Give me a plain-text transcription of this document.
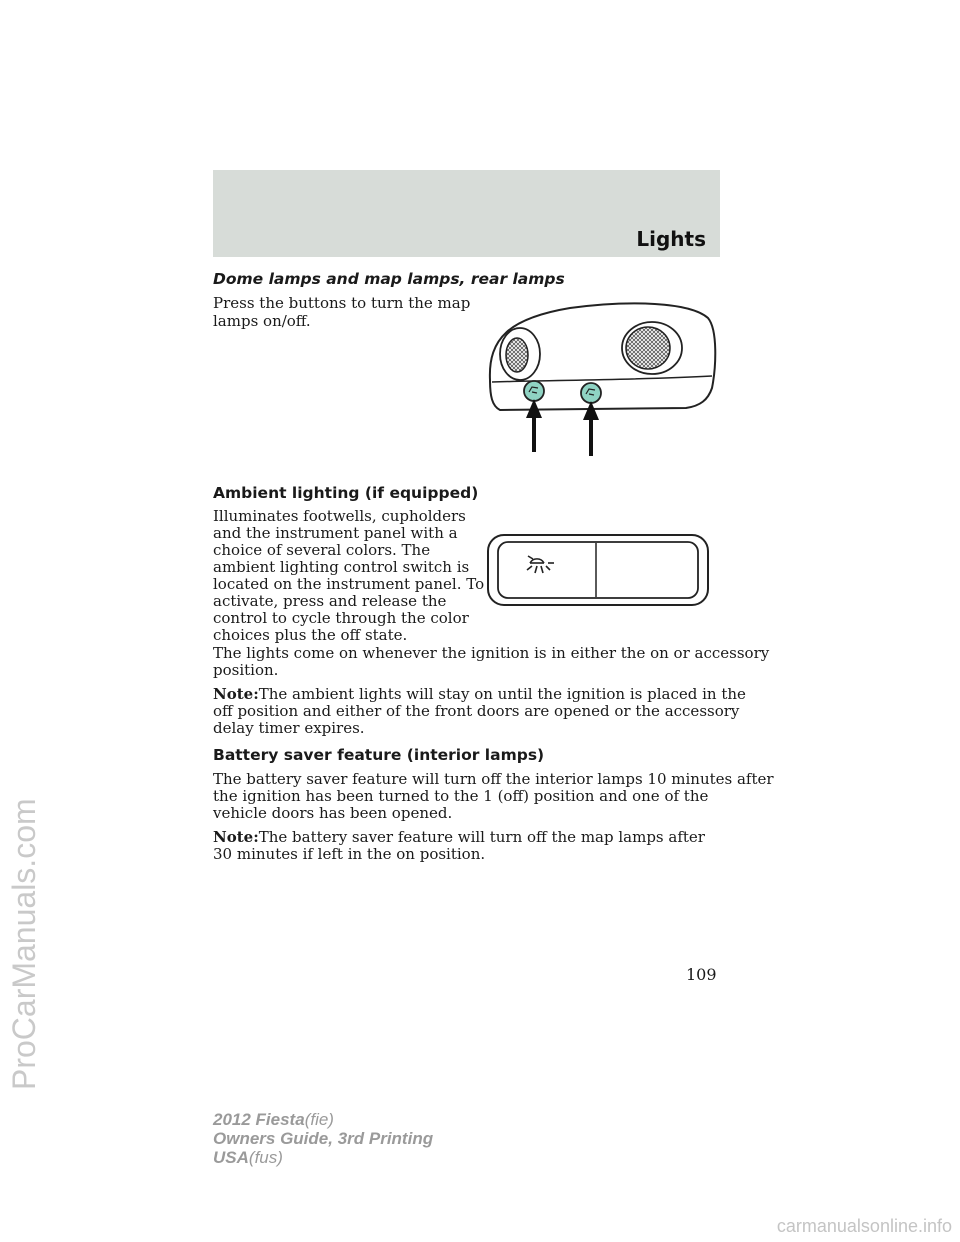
ProCarManuals.com
carmanualsonline.info
Lights
Dome lamps and map lamps, rear lamps
Press the buttons to turn the map
lamps on/off.
Ambient lighting (if equipped)
Illuminates footwells, cupholders
and the instrument panel with a
choice of several colors. The
ambient lighting control switch is
located on the instrument panel. To
activate, press and release the
control to cycle through the color
choices plus the off state.
The lights come on whenever the ignition is in either the on or accessory
position.
Note:The ambient lights will stay on until the ignition is placed in the
off position and either of the front doors are opened or the accessory
delay timer expires.
Battery saver feature (interior lamps)
The battery saver feature will turn off the interior lamps 10 minutes after
the ignition has been turned to the 1 (off) position and one of the
vehicle doors has been opened.
Note:The battery saver feature will turn off the map lamps after
30 minutes if left in the on position.
109
2012 Fiesta(fie)
Owners Guide, 3rd Printing
USA(fus)
